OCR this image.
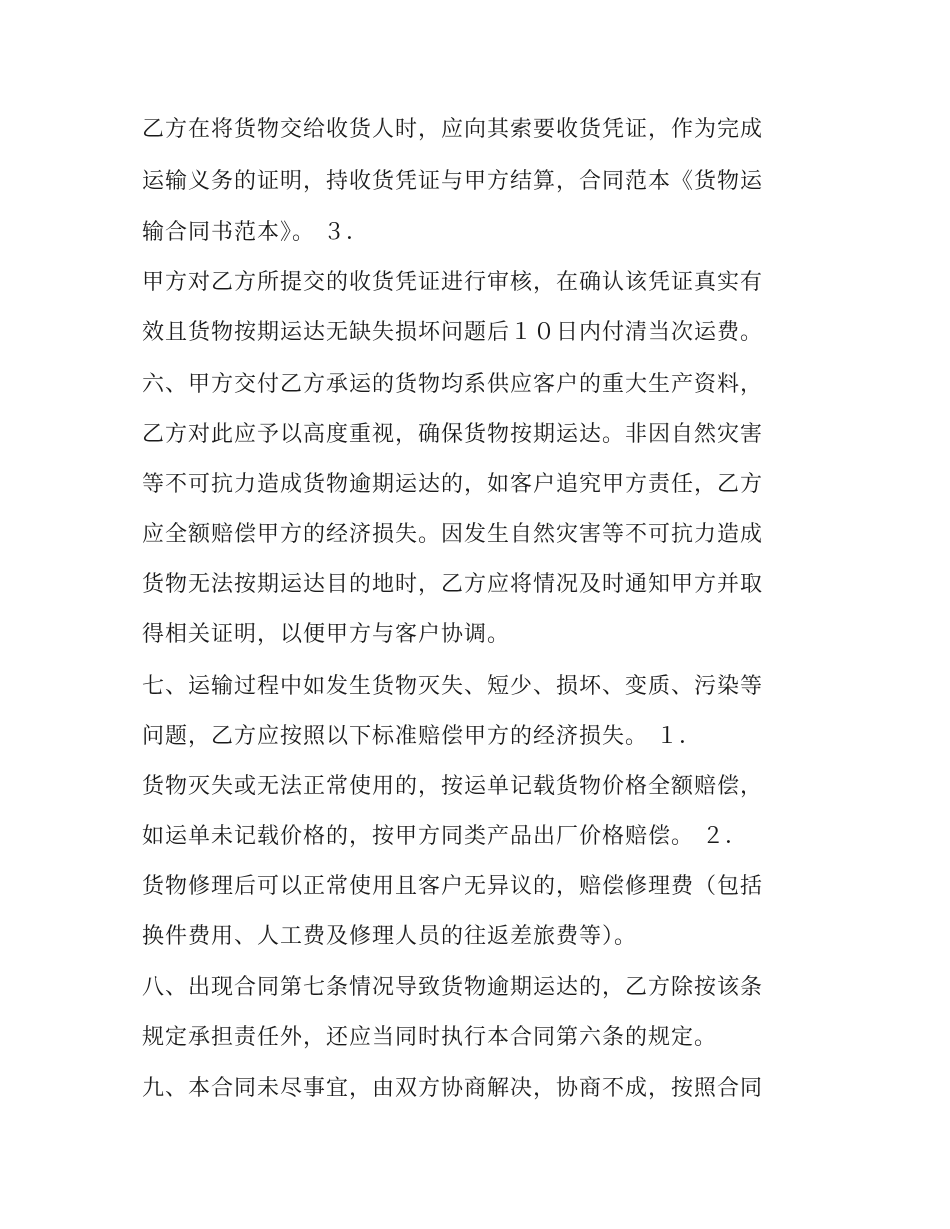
乙方在将货物交给收货人时，应向其索要收货凭证，作为完成
运输义务的证明，持收货凭证与甲方结算，合同范本《货物运
输合同书范本》。 ３．
甲方对乙方所提交的收货凭证进行审核，在确认该凭证真实有
效且货物按期运达无缺失损坏问题后１０日内付清当次运费。
六、甲方交付乙方承运的货物均系供应客户的重大生产资料，
乙方对此应予以高度重视，确保货物按期运达。非因自然灾害
等不可抗力造成货物逾期运达的，如客户追究甲方责任，乙方
应全额赔偿甲方的经济损失。因发生自然灾害等不可抗力造成
货物无法按期运达目的地时，乙方应将情况及时通知甲方并取
得相关证明，以便甲方与客户协调。
七、运输过程中如发生货物灭失、短少、损坏、变质、污染等
问题，乙方应按照以下标准赔偿甲方的经济损失。 １．
货物灭失或无法正常使用的，按运单记载货物价格全额赔偿，
如运单未记载价格的，按甲方同类产品出厂价格赔偿。 ２．
货物修理后可以正常使用且客户无异议的，赔偿修理费（包括
换件费用、人工费及修理人员的往返差旅费等）。
八、出现合同第七条情况导致货物逾期运达的，乙方除按该条
规定承担责任外，还应当同时执行本合同第六条的规定。
九、本合同未尽事宜，由双方协商解决，协商不成，按照合同
